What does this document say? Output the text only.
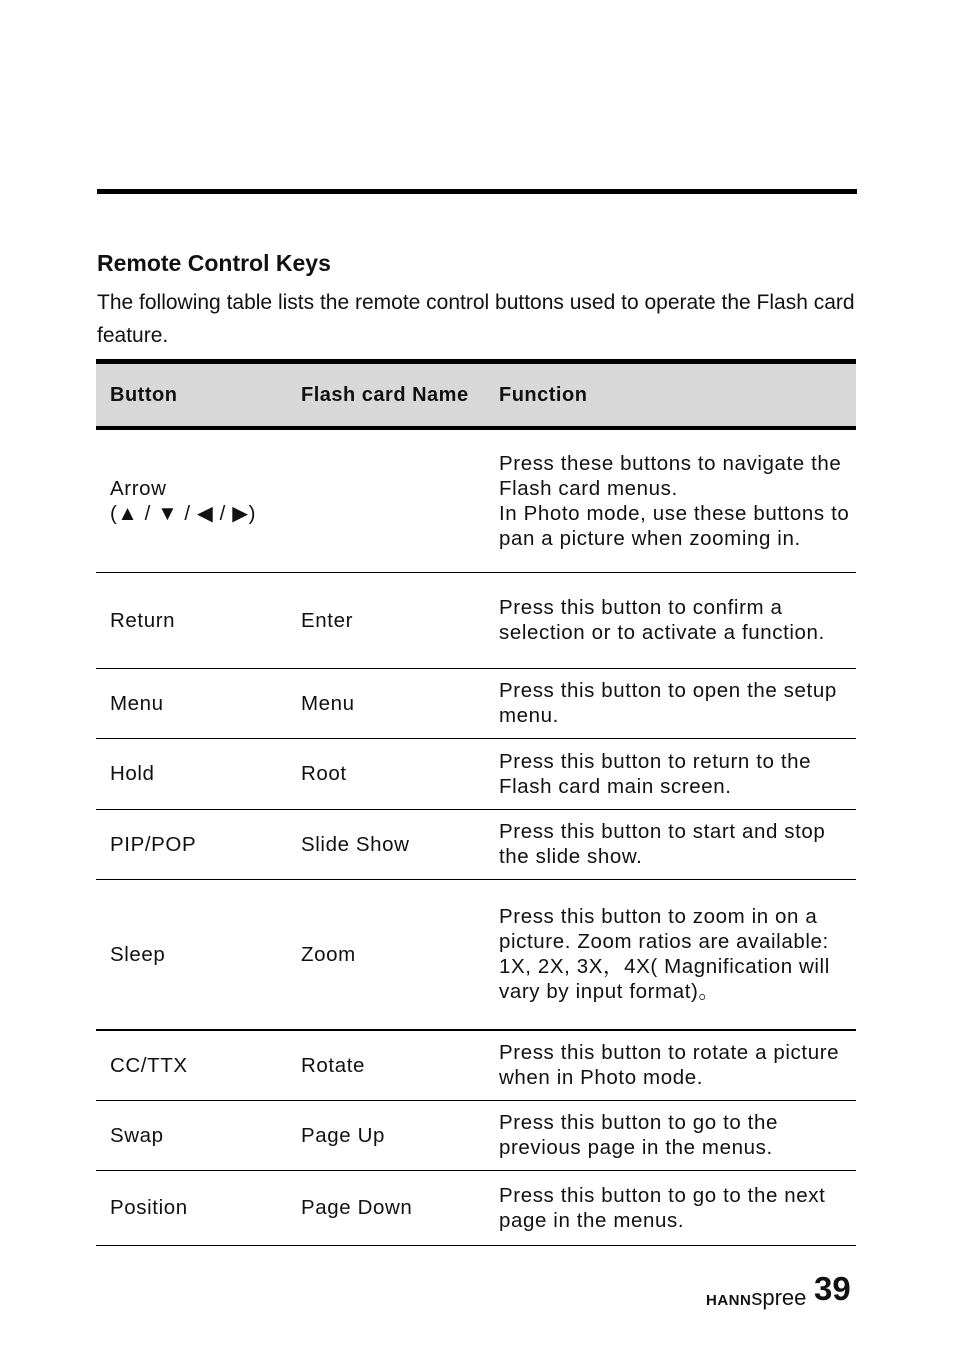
Remote Control Keys

The following table lists the remote control buttons used to operate the Flash card feature.

Button	Flash card Name	Function

Arrow
(▲ / ▼ / ◀ / ▶)		Press these buttons to navigate the Flash card menus.
In Photo mode, use these buttons to pan a picture when zooming in.

Return	Enter	Press this button to confirm a selection or to activate a function.
Menu	Menu	Press this button to open the setup menu.
Hold	Root	Press this button to return to the Flash card main screen.
PIP/POP	Slide Show	Press this button to start and stop the slide show.
Sleep	Zoom	Press this button to zoom in on a picture. Zoom ratios are available: 1X, 2X, 3X，4X( Magnification will vary by input format)。
CC/TTX	Rotate	Press this button to rotate a picture when in Photo mode.
Swap	Page Up	Press this button to go to the previous page in the menus.
Position	Page Down	Press this button to go to the next page in the menus.
HANNspree 39
